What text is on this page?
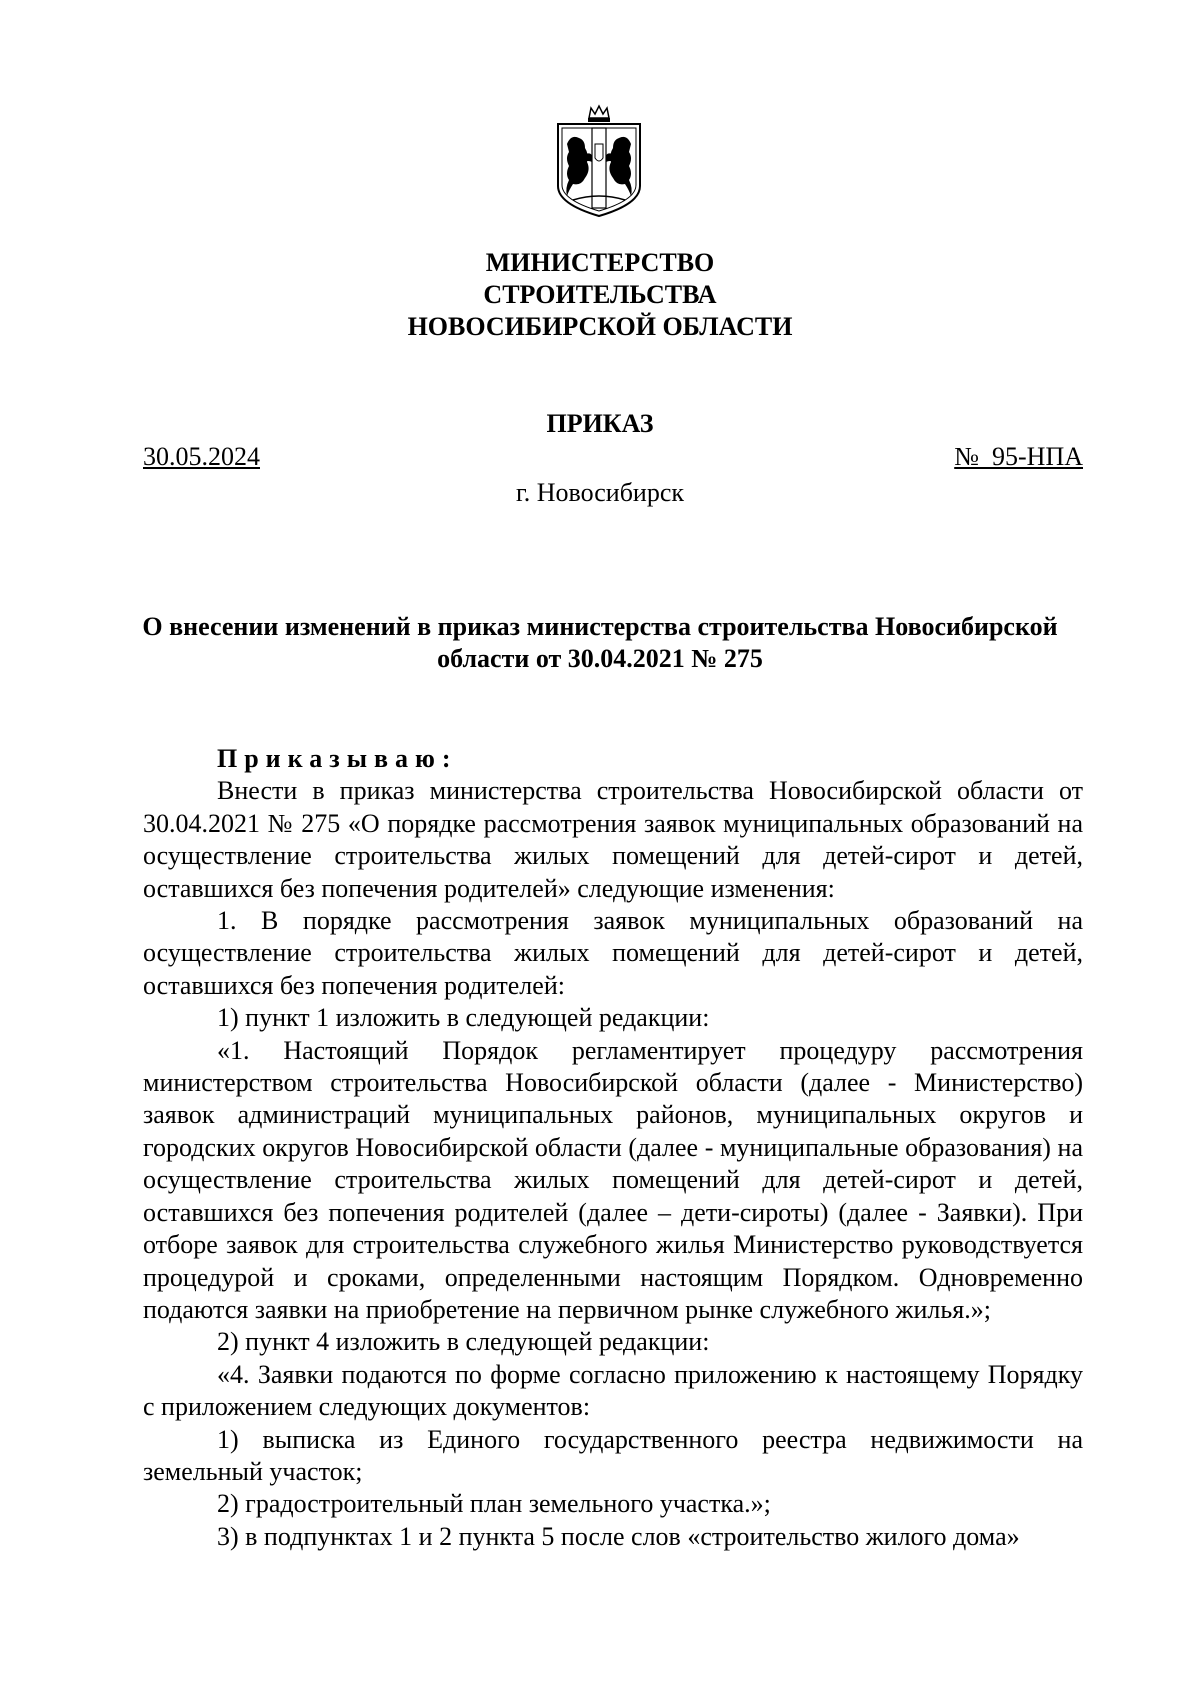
МИНИСТЕРСТВО
СТРОИТЕЛЬСТВА
НОВОСИБИРСКОЙ ОБЛАСТИ
ПРИКАЗ
30.05.2024	№  95-НПА
г. Новосибирск
О внесении изменений в приказ министерства строительства Новосибирской
области от 30.04.2021 № 275

Приказываю:

Внести в приказ министерства строительства Новосибирской области от 30.04.2021 № 275 «О порядке рассмотрения заявок муниципальных образований на осуществление строительства жилых помещений для детей-сирот и детей, оставшихся без попечения родителей» следующие изменения:

1. В порядке рассмотрения заявок муниципальных образований на осуществление строительства жилых помещений для детей-сирот и детей, оставшихся без попечения родителей:

1) пункт 1 изложить в следующей редакции:

«1. Настоящий Порядок регламентирует процедуру рассмотрения министерством строительства Новосибирской области (далее - Министерство) заявок администраций муниципальных районов, муниципальных округов и городских округов Новосибирской области (далее - муниципальные образования) на осуществление строительства жилых помещений для детей-сирот и детей, оставшихся без попечения родителей (далее – дети-сироты) (далее - Заявки). При отборе заявок для строительства служебного жилья Министерство руководствуется процедурой и сроками, определенными настоящим Порядком. Одновременно подаются заявки на приобретение на первичном рынке служебного жилья.»;

2) пункт 4 изложить в следующей редакции:

«4. Заявки подаются по форме согласно приложению к настоящему Порядку с приложением следующих документов:

1) выписка из Единого государственного реестра недвижимости на земельный участок;

2) градостроительный план земельного участка.»;

3) в подпунктах 1 и 2 пункта 5 после слов «строительство жилого дома»
